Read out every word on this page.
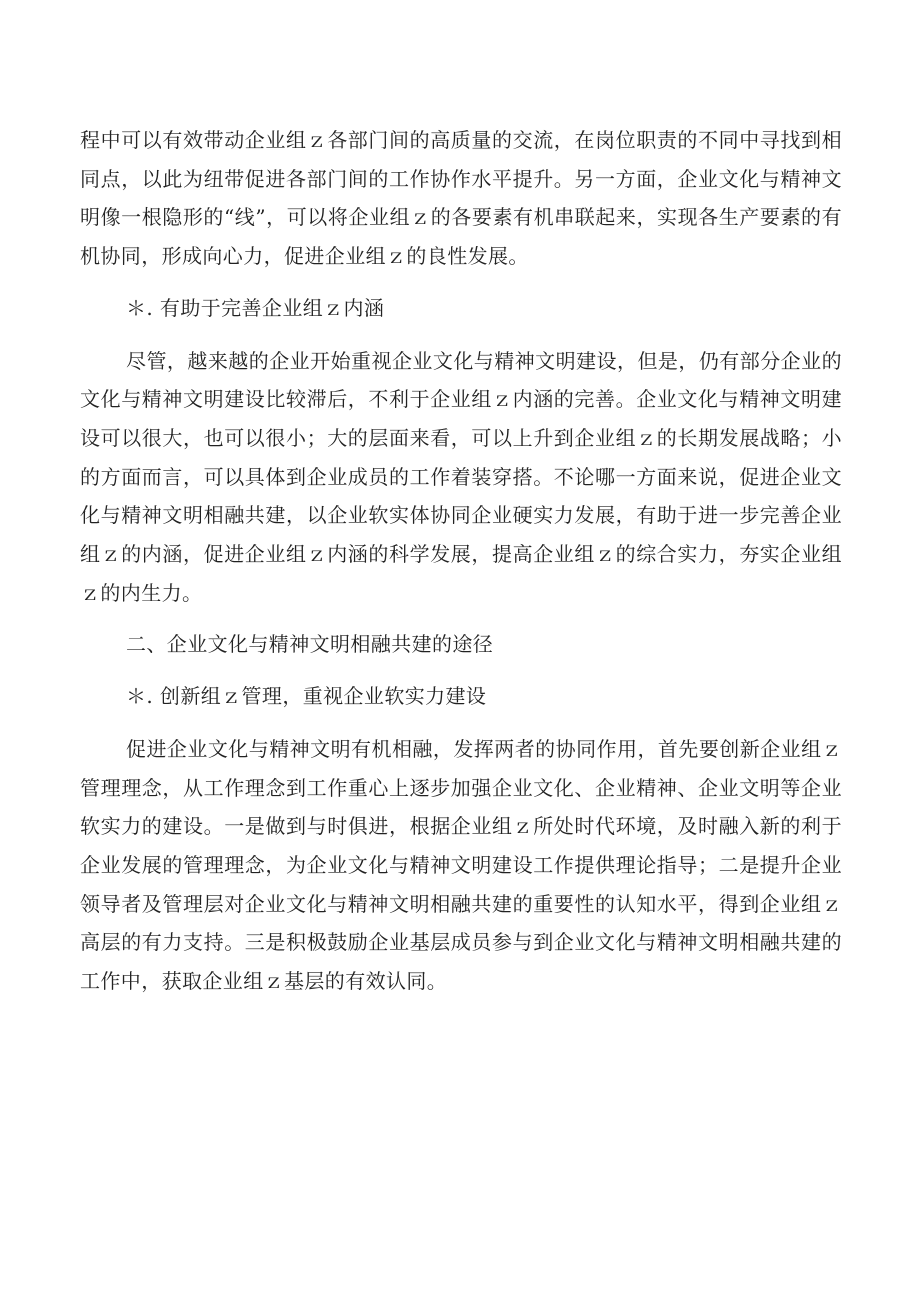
程中可以有效带动企业组ｚ各部门间的高质量的交流，在岗位职责的不同中寻找到相同点，以此为纽带促进各部门间的工作协作水平提升。另一方面，企业文化与精神文明像一根隐形的“线”，可以将企业组ｚ的各要素有机串联起来，实现各生产要素的有机协同，形成向心力，促进企业组ｚ的良性发展。

＊. 有助于完善企业组ｚ内涵

尽管，越来越的企业开始重视企业文化与精神文明建设，但是，仍有部分企业的文化与精神文明建设比较滞后，不利于企业组ｚ内涵的完善。企业文化与精神文明建设可以很大，也可以很小；大的层面来看，可以上升到企业组ｚ的长期发展战略；小的方面而言，可以具体到企业成员的工作着装穿搭。不论哪一方面来说，促进企业文化与精神文明相融共建，以企业软实体协同企业硬实力发展，有助于进一步完善企业组ｚ的内涵，促进企业组ｚ内涵的科学发展，提高企业组ｚ的综合实力，夯实企业组ｚ的内生力。

二、企业文化与精神文明相融共建的途径

＊. 创新组ｚ管理，重视企业软实力建设

促进企业文化与精神文明有机相融，发挥两者的协同作用，首先要创新企业组ｚ管理理念，从工作理念到工作重心上逐步加强企业文化、企业精神、企业文明等企业软实力的建设。一是做到与时俱进，根据企业组ｚ所处时代环境，及时融入新的利于企业发展的管理理念，为企业文化与精神文明建设工作提供理论指导；二是提升企业领导者及管理层对企业文化与精神文明相融共建的重要性的认知水平，得到企业组ｚ高层的有力支持。三是积极鼓励企业基层成员参与到企业文化与精神文明相融共建的工作中，获取企业组ｚ基层的有效认同。
